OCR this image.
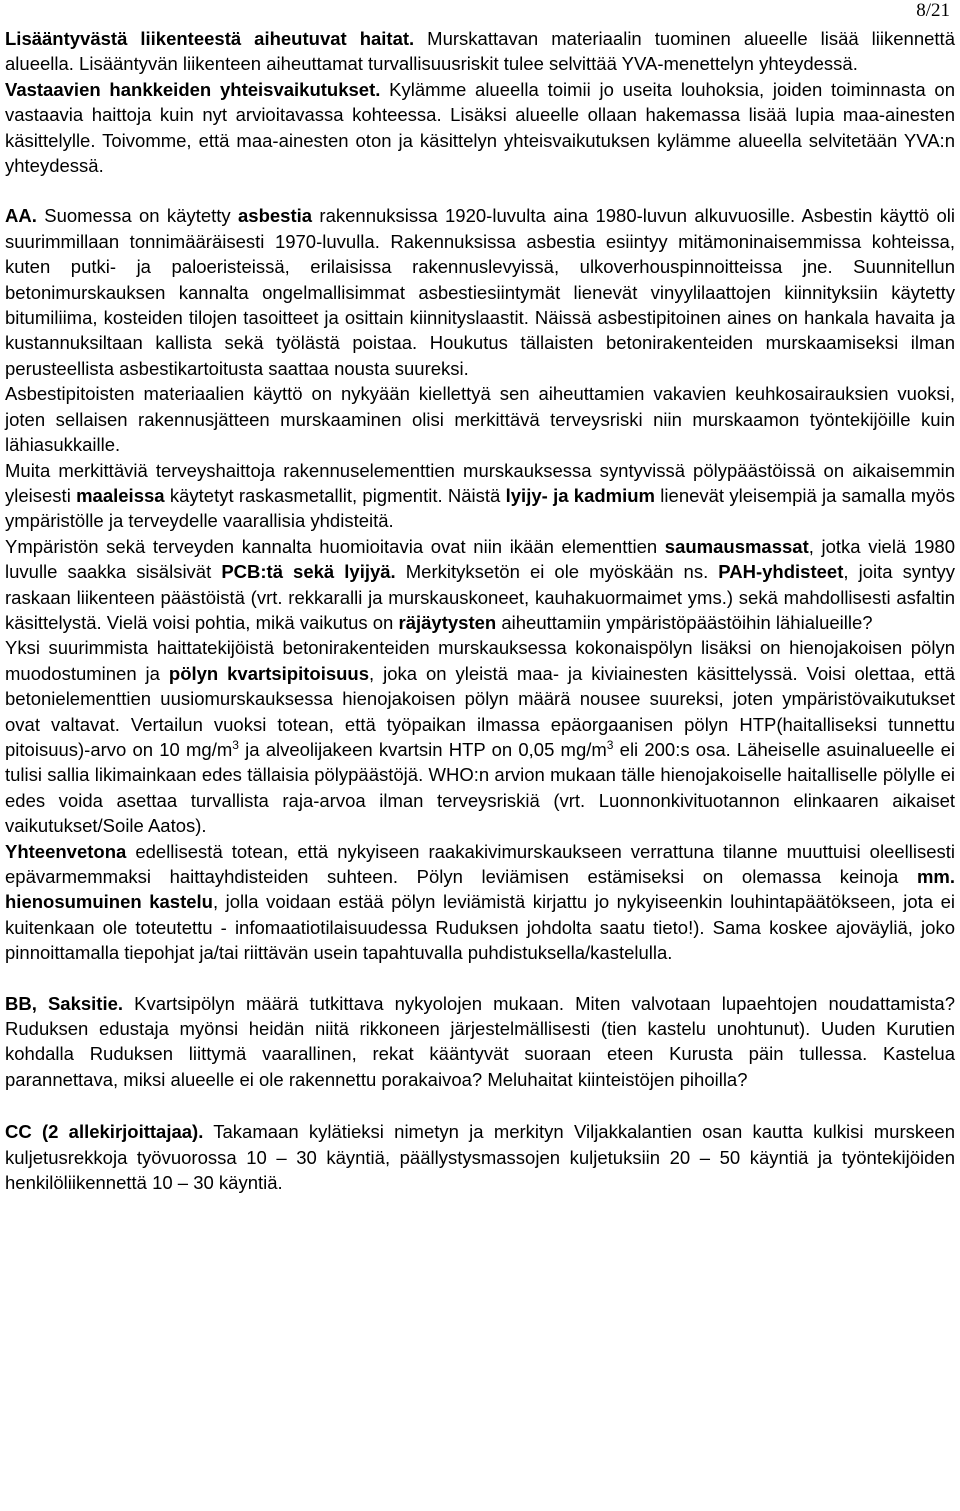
8/21

Lisääntyvästä liikenteestä aiheutuvat haitat. Murskattavan materiaalin tuominen alueelle lisää liikennettä alueella. Lisääntyvän liikenteen aiheuttamat turvallisuusriskit tulee selvittää YVA-menettelyn yhteydessä.

Vastaavien hankkeiden yhteisvaikutukset. Kylämme alueella toimii jo useita louhoksia, joiden toiminnasta on vastaavia haittoja kuin nyt arvioitavassa kohteessa. Lisäksi alueelle ollaan hakemassa lisää lupia maa-ainesten käsittelylle. Toivomme, että maa-ainesten oton ja käsittelyn yhteisvaikutuksen kylämme alueella selvitetään YVA:n yhteydessä.

AA. Suomessa on käytetty asbestia rakennuksissa 1920-luvulta aina 1980-luvun alkuvuosille. Asbestin käyttö oli suurimmillaan tonnimääräisesti 1970-luvulla. Rakennuksissa asbestia esiintyy mitämoninaisemmissa kohteissa, kuten putki- ja paloeristeissä, erilaisissa rakennuslevyissä, ulkoverhouspinnoitteissa jne. Suunnitellun betonimurskauksen kannalta ongelmallisimmat asbestiesiintymät lienevät vinyylilaattojen kiinnityksiin käytetty bitumiliima, kosteiden tilojen tasoitteet ja osittain kiinnityslaastit. Näissä asbestipitoinen aines on hankala havaita ja kustannuksiltaan kallista sekä työlästä poistaa. Houkutus tällaisten betonirakenteiden murskaamiseksi ilman perusteellista asbestikartoitusta saattaa nousta suureksi.

Asbestipitoisten materiaalien käyttö on nykyään kiellettyä sen aiheuttamien vakavien keuhkosairauksien vuoksi, joten sellaisen rakennusjätteen murskaaminen olisi merkittävä terveysriski niin murskaamon työntekijöille kuin lähiasukkaille.

Muita merkittäviä terveyshaittoja rakennuselementtien murskauksessa syntyvissä pölypäästöissä on aikaisemmin yleisesti maaleissa käytetyt raskasmetallit, pigmentit. Näistä lyijy- ja kadmium lienevät yleisempiä ja samalla myös ympäristölle ja terveydelle vaarallisia yhdisteitä.

Ympäristön sekä terveyden kannalta huomioitavia ovat niin ikään elementtien saumausmassat, jotka vielä 1980 luvulle saakka sisälsivät PCB:tä sekä lyijyä. Merkityksetön ei ole myöskään ns. PAH-yhdisteet, joita syntyy raskaan liikenteen päästöistä (vrt. rekkaralli ja murskauskoneet, kauhakuormaimet yms.) sekä mahdollisesti asfaltin käsittelystä. Vielä voisi pohtia, mikä vaikutus on räjäytysten aiheuttamiin ympäristöpäästöihin lähialueille?

Yksi suurimmista haittatekijöistä betonirakenteiden murskauksessa kokonaispölyn lisäksi on hienojakoisen pölyn muodostuminen ja pölyn kvartsipitoisuus, joka on yleistä maa- ja kiviainesten käsittelyssä. Voisi olettaa, että betonielementtien uusiomurskauksessa hienojakoisen pölyn määrä nousee suureksi, joten ympäristövaikutukset ovat valtavat. Vertailun vuoksi totean, että työpaikan ilmassa epäorgaanisen pölyn HTP(haitalliseksi tunnettu pitoisuus)-arvo on 10 $mg/m^3$ ja alveolijakeen kvartsin HTP on 0,05 $mg/m^3$ eli 200:s osa. Läheiselle asuinalueelle ei tulisi sallia likimainkaan edes tällaisia pölypäästöjä. WHO:n arvion mukaan tälle hienojakoiselle haitalliselle pölylle ei edes voida asettaa turvallista raja-arvoa ilman terveysriskiä (vrt. Luonnonkivituotannon elinkaaren aikaiset vaikutukset/Soile Aatos).

Yhteenvetona edellisestä totean, että nykyiseen raakakivimurskaukseen verrattuna tilanne muuttuisi oleellisesti epävarmemmaksi haittayhdisteiden suhteen. Pölyn leviämisen estämiseksi on olemassa keinoja mm. hienosumuinen kastelu, jolla voidaan estää pölyn leviämistä kirjattu jo nykyiseenkin louhintapäätökseen, jota ei kuitenkaan ole toteutettu - infomaatiotilaisuudessa Ruduksen johdolta saatu tieto!). Sama koskee ajoväyliä, joko pinnoittamalla tiepohjat ja/tai riittävän usein tapahtuvalla puhdistuksella/kastelulla.

BB, Saksitie. Kvartsipölyn määrä tutkittava nykyolojen mukaan. Miten valvotaan lupaehtojen noudattamista? Ruduksen edustaja myönsi heidän niitä rikkoneen järjestelmällisesti (tien kastelu unohtunut). Uuden Kurutien kohdalla Ruduksen liittymä vaarallinen, rekat kääntyvät suoraan eteen Kurusta päin tullessa. Kastelua parannettava, miksi alueelle ei ole rakennettu porakaivoa? Meluhaitat kiinteistöjen pihoilla?

CC (2 allekirjoittajaa). Takamaan kylätieksi nimetyn ja merkityn Viljakkalantien osan kautta kulkisi murskeen kuljetusrekkoja työvuorossa 10 – 30 käyntiä, päällystysmassojen kuljetuksiin 20 – 50 käyntiä ja työntekijöiden henkilöliikennettä 10 – 30 käyntiä.
